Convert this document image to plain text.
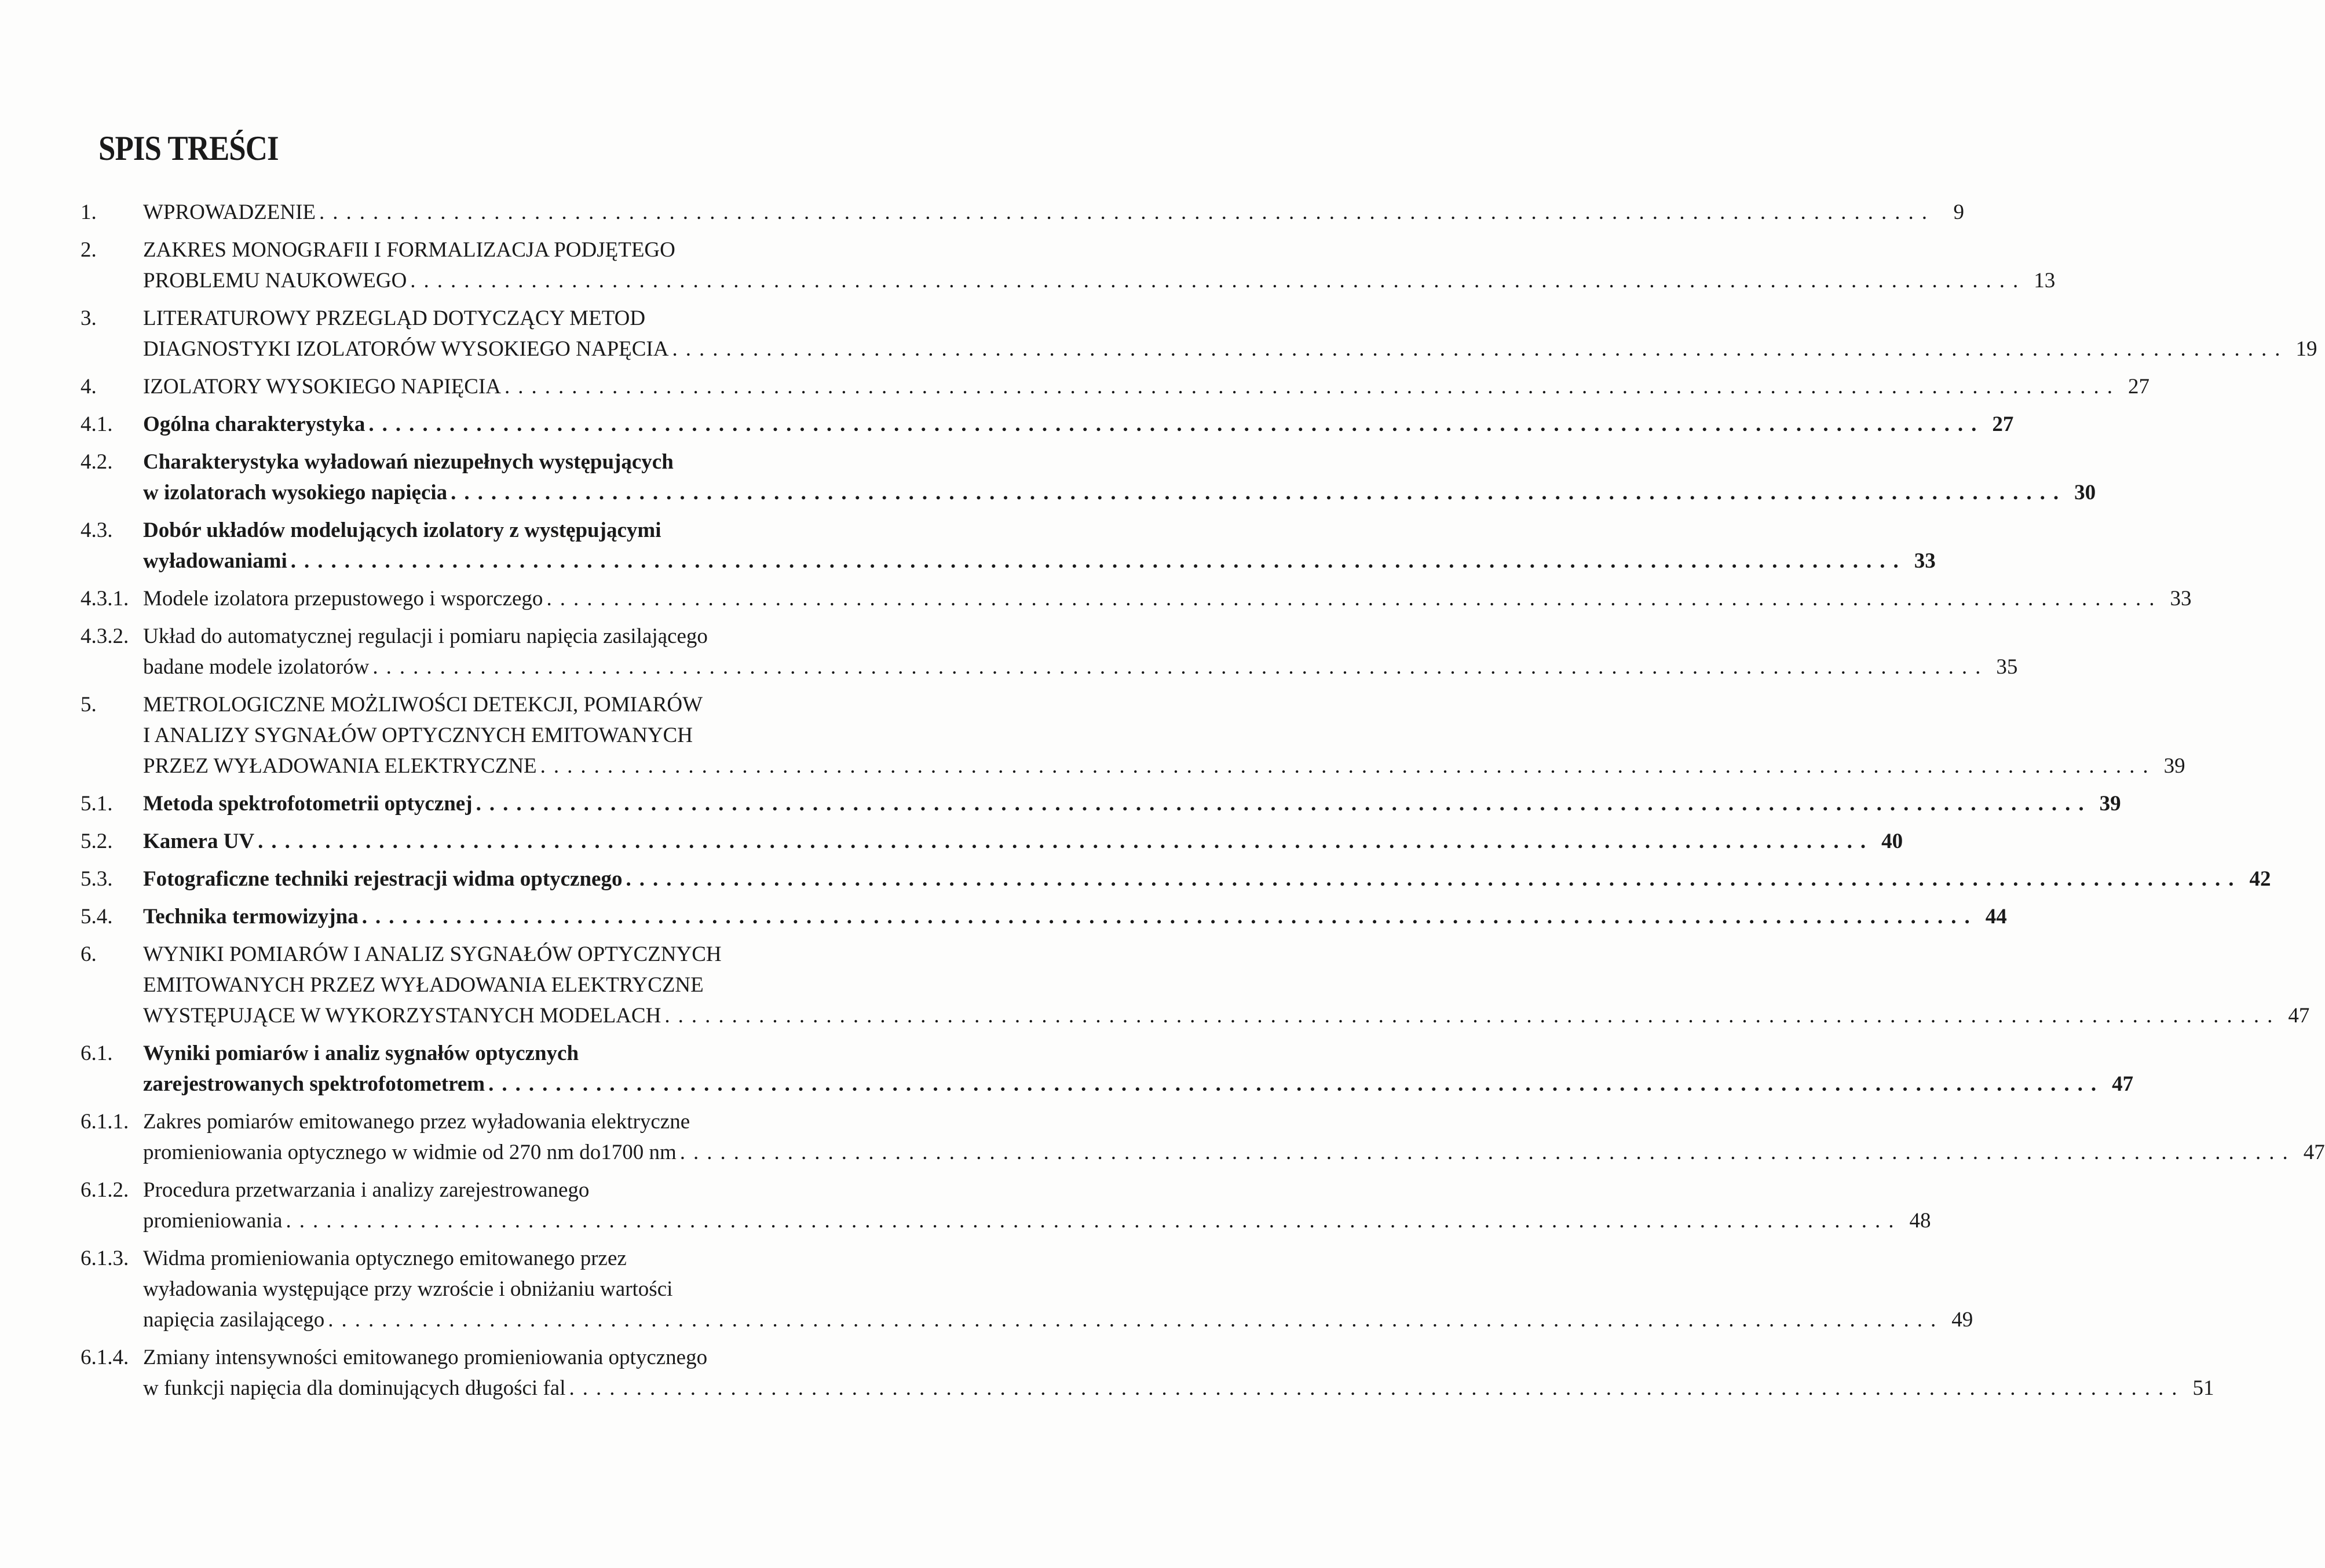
SPIS TREŚCI
1.	WPROWADZENIE ........................................................................................................................ 9
2.	ZAKRES MONOGRAFII I FORMALIZACJA PODJĘTEGO
PROBLEMU NAUKOWEGO ........................................................................................................................ 13
3.	LITERATUROWY PRZEGLĄD DOTYCZĄCY METOD
DIAGNOSTYKI IZOLATORÓW WYSOKIEGO NAPĘCIA ........................................................................................................................ 19
4.	IZOLATORY WYSOKIEGO NAPIĘCIA ........................................................................................................................ 27
4.1.	Ogólna charakterystyka ........................................................................................................................ 27
4.2.	Charakterystyka wyładowań niezupełnych występujących
w izolatorach wysokiego napięcia ........................................................................................................................ 30
4.3.	Dobór układów modelujących izolatory z występującymi
wyładowaniami ........................................................................................................................ 33
4.3.1. Modele izolatora przepustowego i wsporczego ........................................................................................................................ 33
4.3.2. Układ do automatycznej regulacji i pomiaru napięcia zasilającego
badane modele izolatorów ........................................................................................................................ 35
5.	METROLOGICZNE MOŻLIWOŚCI DETEKCJI, POMIARÓW
I ANALIZY SYGNAŁÓW OPTYCZNYCH EMITOWANYCH
PRZEZ WYŁADOWANIA ELEKTRYCZNE ........................................................................................................................ 39
5.1.	Metoda spektrofotometrii optycznej ........................................................................................................................ 39
5.2.	Kamera UV ........................................................................................................................ 40
5.3.	Fotograficzne techniki rejestracji widma optycznego ........................................................................................................................ 42
5.4.	Technika termowizyjna ........................................................................................................................ 44
6.	WYNIKI POMIARÓW I ANALIZ SYGNAŁÓW OPTYCZNYCH
EMITOWANYCH PRZEZ WYŁADOWANIA ELEKTRYCZNE
WYSTĘPUJĄCE W WYKORZYSTANYCH MODELACH ........................................................................................................................ 47
6.1.	Wyniki pomiarów i analiz sygnałów optycznych
zarejestrowanych spektrofotometrem ........................................................................................................................ 47
6.1.1. Zakres pomiarów emitowanego przez wyładowania elektryczne
promieniowania optycznego w widmie od 270 nm do1700 nm ........................................................................................................................ 47
6.1.2. Procedura przetwarzania i analizy zarejestrowanego
promieniowania ........................................................................................................................ 48
6.1.3. Widma promieniowania optycznego emitowanego przez
wyładowania występujące przy wzroście i obniżaniu wartości
napięcia zasilającego ........................................................................................................................ 49
6.1.4. Zmiany intensywności emitowanego promieniowania optycznego
w funkcji napięcia dla dominujących długości fal ........................................................................................................................ 51
